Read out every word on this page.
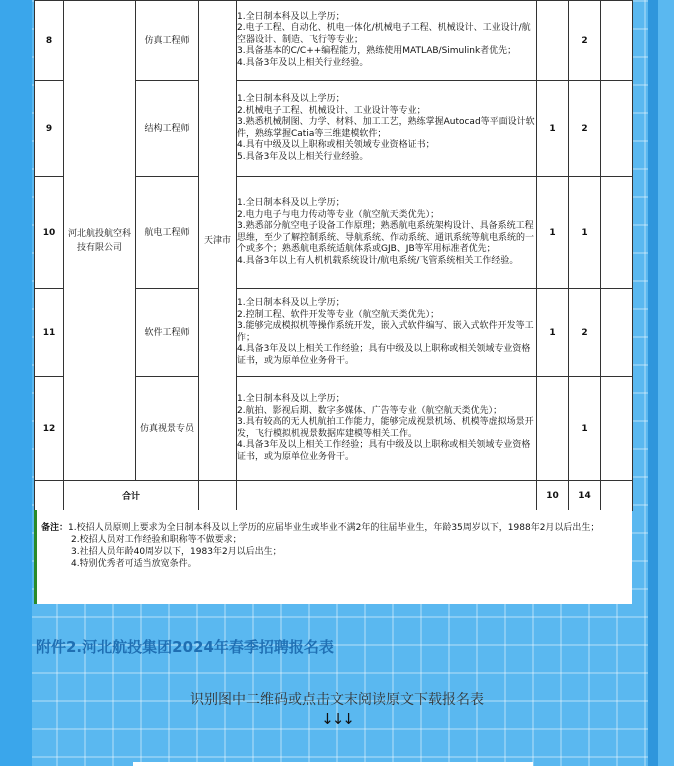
8	河北航投航空科技有限公司	仿真工程师	天津市	1.全日制本科及以上学历；
2.电子工程、自动化、机电一体化/机械电子工程、机械设计、工业设计/航空器设计、制造、飞行等专业；
3.具备基本的C/C++编程能力，熟练使用MATLAB/Simulink者优先；
4.具备3年及以上相关行业经验。		2	
9		结构工程师		1.全日制本科及以上学历；
2.机械电子工程、机械设计、工业设计等专业；
3.熟悉机械制图、力学、材料、加工工艺，熟练掌握Autocad等平面设计软件，熟练掌握Catia等三维建模软件；
4.具有中级及以上职称或相关领域专业资格证书；
5.具备3年及以上相关行业经验。	1	2	
10		航电工程师		1.全日制本科及以上学历；
2.电力电子与电力传动等专业（航空航天类优先）；
3.熟悉部分航空电子设备工作原理；熟悉航电系统架构设计、具备系统工程思维，至少了解控制系统、导航系统、作动系统、通讯系统等航电系统的一个或多个；熟悉航电系统适航体系或GJB、JB等军用标准者优先；
4.具备3年以上有人机机载系统设计/航电系统/飞管系统相关工作经验。	1	1	
11		软件工程师		1.全日制本科及以上学历；
2.控制工程、软件开发等专业（航空航天类优先）；
3.能够完成模拟机等操作系统开发，嵌入式软件编写、嵌入式软件开发等工作；
4.具备3年及以上相关工作经验；具有中级及以上职称或相关领域专业资格证书，或为原单位业务骨干。	1	2	
12		仿真视景专员		1.全日制本科及以上学历；
2.航拍、影视后期、数字多媒体、广告等专业（航空航天类优先）；
3.具有较高的无人机航拍工作能力，能够完成视景机场、机模等虚拟场景开发，飞行模拟机视景数据库建模等相关工作。
4.具备3年及以上相关工作经验；具有中级及以上职称或相关领域专业资格证书，或为原单位业务骨干。		1	
	合计				10	14	
备注：1.校招人员原则上要求为全日制本科及以上学历的应届毕业生或毕业不满2年的往届毕业生，年龄35周岁以下，1988年2月以后出生；
2.校招人员对工作经验和职称等不做要求；
3.社招人员年龄40周岁以下，1983年2月以后出生；
4.特别优秀者可适当放宽条件。
附件2.河北航投集团2024年春季招聘报名表
识别图中二维码或点击文末阅读原文下载报名表
↓↓↓
